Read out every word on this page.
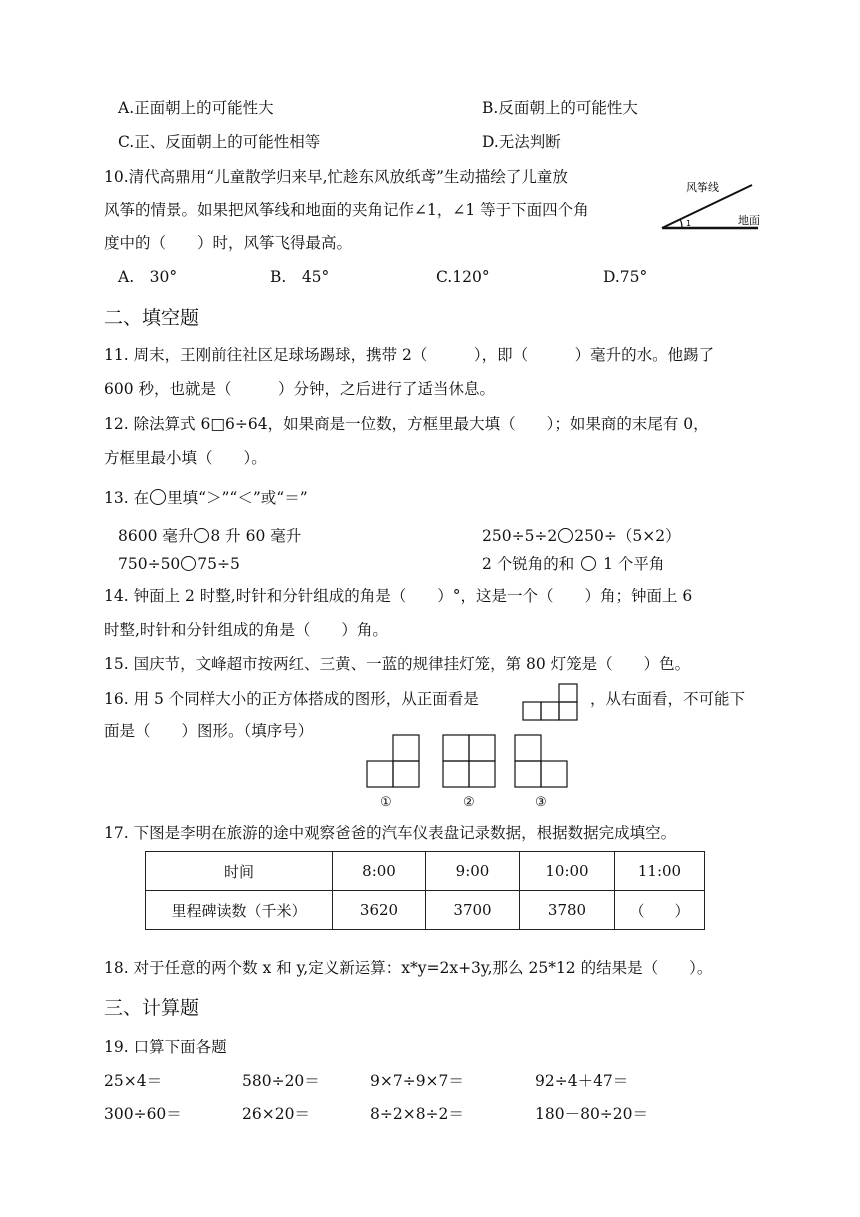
A.正面朝上的可能性大	B.反面朝上的可能性大
C.正、反面朝上的可能性相等	D.无法判断
10.清代高鼎用“儿童散学归来早,忙趁东风放纸鸢”生动描绘了儿童放
风筝的情景。如果把风筝线和地面的夹角记作∠1，∠1 等于下面四个角
度中的（　　）时，风筝飞得最高。
风筝线
地面
1
A.　30°	B.　45°	C.120°	D.75°
二、填空题
11. 周末，王刚前往社区足球场踢球，携带 2（　　　），即（　　　）毫升的水。他踢了
600 秒，也就是（　　　）分钟，之后进行了适当休息。
12. 除法算式 6□6÷64，如果商是一位数，方框里最大填（　　）；如果商的末尾有 0，
方框里最小填（　　）。
13. 在 里填“＞”“＜”或“＝”
8600 毫升 8 升 60 毫升	250÷5÷2 250÷（5×2）
750÷50 75÷5	2 个锐角的和  1 个平角
14. 钟面上 2 时整,时针和分针组成的角是（　　）°，这是一个（　　）角；钟面上 6
时整,时针和分针组成的角是（　　）角。
15. 国庆节，文峰超市按两红、三黄、一蓝的规律挂灯笼，第 80 灯笼是（　　）色。
16. 用 5 个同样大小的正方体搭成的图形，从正面看是	，从右面看，不可能下
面是（　　）图形。（填序号）
①	②	③
17. 下图是李明在旅游的途中观察爸爸的汽车仪表盘记录数据，根据数据完成填空。
时间	8:00	9:00	10:00	11:00
里程碑读数（千米）	3620	3700	3780	（　　）
18. 对于任意的两个数 x 和 y,定义新运算：x*y=2x+3y,那么 25*12 的结果是（　　）。
三、计算题
19. 口算下面各题
25×4＝	580÷20＝	9×7÷9×7＝	92÷4＋47＝
300÷60＝	26×20＝	8÷2×8÷2＝	180－80÷20＝
